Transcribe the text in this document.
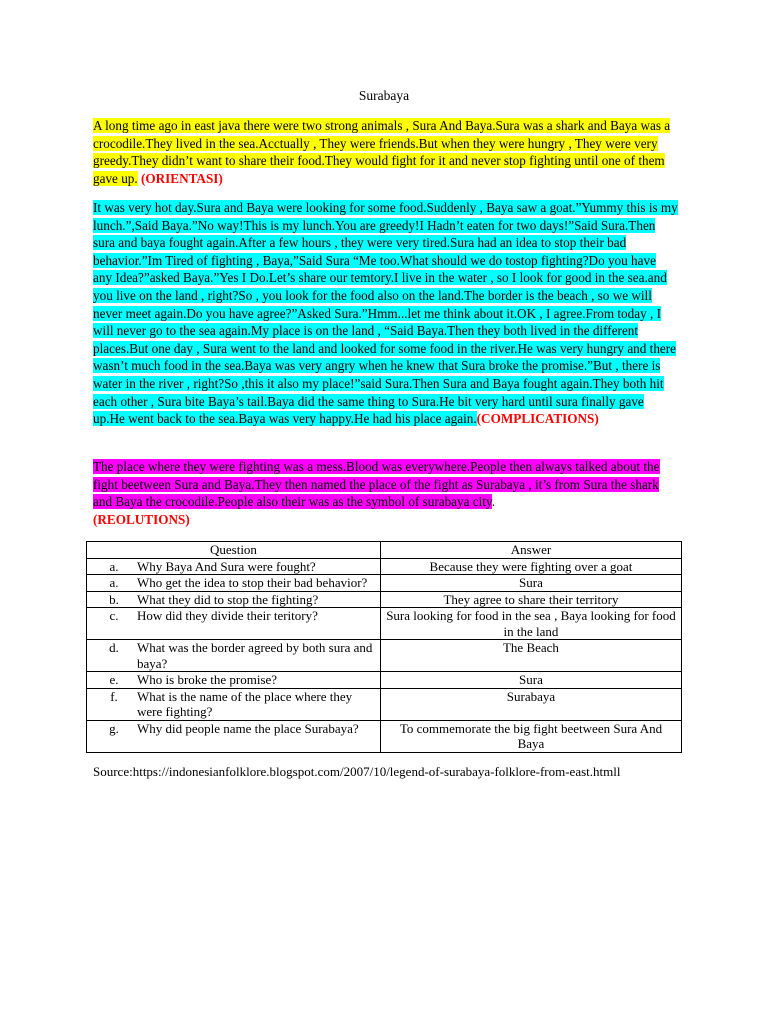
Surabaya

A long time ago in east java there were two strong animals , Sura And Baya.Sura was a shark and Baya was a crocodile.They lived in the sea.Acctually , They were friends.But when they were hungry , They were very greedy.They didn’t want to share their food.They would fight for it and never stop fighting until one of them gave up. (ORIENTASI)

It was very hot day.Sura and Baya were looking for some food.Suddenly , Baya saw a goat.”Yummy this is my lunch.”,Said Baya.”No way!This is my lunch.You are greedy!I Hadn’t eaten for two days!”Said Sura.Then sura and baya fought again.After a few hours , they were very tired.Sura had an idea to stop their bad behavior.”Im Tired of fighting , Baya,”Said Sura “Me too.What should we do tostop fighting?Do you have any Idea?”asked Baya.”Yes I Do.Let’s share our temtory.I live in the water , so I look for good in the sea.and you live on the land , right?So , you look for the food also on the land.The border is the beach , so we will never meet again.Do you have agree?”Asked Sura.”Hmm...let me think about it.OK , I agree.From today , I will never go to the sea again.My place is on the land , “Said Baya.Then they both lived in the different places.But one day , Sura went to the land and looked for some food in the river.He was very hungry and there wasn’t much food in the sea.Baya was very angry when he knew that Sura broke the promise.”But , there is water in the river , right?So ,this it also my place!”said Sura.Then Sura and Baya fought again.They both hit each other , Sura bite Baya’s tail.Baya did the same thing to Sura.He bit very hard until sura finally gave up.He went back to the sea.Baya was very happy.He had his place again.(COMPLICATIONS)

The place where they were fighting was a mess.Blood was everywhere.People then always talked about the fight beetween Sura and Baya.They then named the place of the fight as Surabaya , it’s from Sura the shark and Baya the crocodile.People also their was as the symbol of surabaya city.
(REOLUTIONS)

Question	Answer

a. Why Baya And Sura were fought?	Because they were fighting over a goat

a. Who get the idea to stop their bad behavior?	Sura

b. What they did to stop the fighting?	They agree to share their territory

c. How did they divide their teritory?	Sura looking for food in the sea , Baya looking for food in the land

d. What was the border agreed by both sura and baya?	The Beach

e. Who is broke the promise?	Sura

f. What is the name of the place where they were fighting?	Surabaya

g. Why did people name the place Surabaya?	To commemorate the big fight beetween Sura And Baya
Source:https://indonesianfolklore.blogspot.com/2007/10/legend-of-surabaya-folklore-from-east.htmll
